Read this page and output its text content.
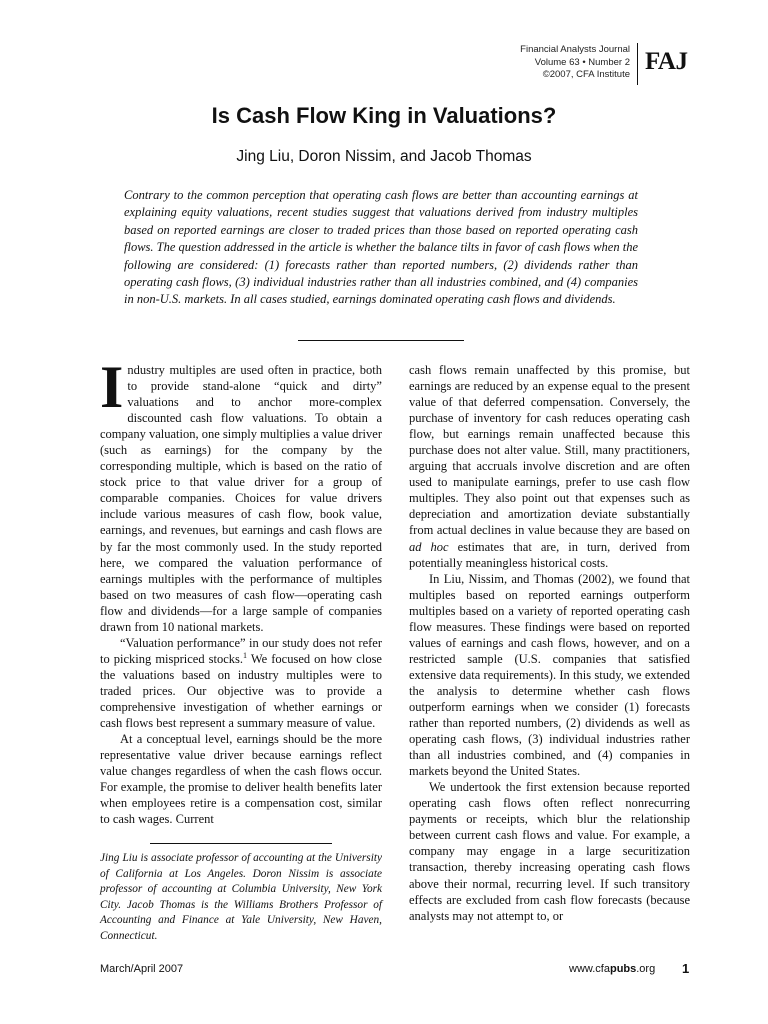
Financial Analysts Journal
Volume 63 • Number 2
©2007, CFA Institute FAJ
Is Cash Flow King in Valuations?

Jing Liu, Doron Nissim, and Jacob Thomas

Contrary to the common perception that operating cash flows are better than accounting earnings at explaining equity valuations, recent studies suggest that valuations derived from industry multiples based on reported earnings are closer to traded prices than those based on reported operating cash flows. The question addressed in the article is whether the balance tilts in favor of cash flows when the following are considered: (1) forecasts rather than reported numbers, (2) dividends rather than operating cash flows, (3) individual industries rather than all industries combined, and (4) companies in non-U.S. markets. In all cases studied, earnings dominated operating cash flows and dividends.

Industry multiples are used often in practice, both to provide stand-alone “quick and dirty” valuations and to anchor more-complex discounted cash flow valuations. To obtain a company valuation, one simply multiplies a value driver (such as earnings) for the company by the corresponding multiple, which is based on the ratio of stock price to that value driver for a group of comparable companies. Choices for value drivers include various measures of cash flow, book value, earnings, and revenues, but earnings and cash flows are by far the most commonly used. In the study reported here, we compared the valuation performance of earnings multiples with the performance of multiples based on two measures of cash flow—operating cash flow and dividends—for a large sample of companies drawn from 10 national markets.

“Valuation performance” in our study does not refer to picking mispriced stocks.$^1$ We focused on how close the valuations based on industry multiples were to traded prices. Our objective was to provide a comprehensive investigation of whether earnings or cash flows best represent a summary measure of value.

At a conceptual level, earnings should be the more representative value driver because earnings reflect value changes regardless of when the cash flows occur. For example, the promise to deliver health benefits later when employees retire is a compensation cost, similar to cash wages. Current

cash flows remain unaffected by this promise, but earnings are reduced by an expense equal to the present value of that deferred compensation. Conversely, the purchase of inventory for cash reduces operating cash flow, but earnings remain unaffected because this purchase does not alter value. Still, many practitioners, arguing that accruals involve discretion and are often used to manipulate earnings, prefer to use cash flow multiples. They also point out that expenses such as depreciation and amortization deviate substantially from actual declines in value because they are based on ad hoc estimates that are, in turn, derived from potentially meaningless historical costs.

In Liu, Nissim, and Thomas (2002), we found that multiples based on reported earnings outperform multiples based on a variety of reported operating cash flow measures. These findings were based on reported values of earnings and cash flows, however, and on a restricted sample (U.S. companies that satisfied extensive data requirements). In this study, we extended the analysis to determine whether cash flows outperform earnings when we consider (1) forecasts rather than reported numbers, (2) dividends as well as operating cash flows, (3) individual industries rather than all industries combined, and (4) companies in markets beyond the United States.

We undertook the first extension because reported operating cash flows often reflect nonrecurring payments or receipts, which blur the relationship between current cash flows and value. For example, a company may engage in a large securitization transaction, thereby increasing operating cash flows above their normal, recurring level. If such transitory effects are excluded from cash flow forecasts (because analysts may not attempt to, or

Jing Liu is associate professor of accounting at the University of California at Los Angeles. Doron Nissim is associate professor of accounting at Columbia University, New York City. Jacob Thomas is the Williams Brothers Professor of Accounting and Finance at Yale University, New Haven, Connecticut.

March/April 2007	www.cfapubs.org 1
